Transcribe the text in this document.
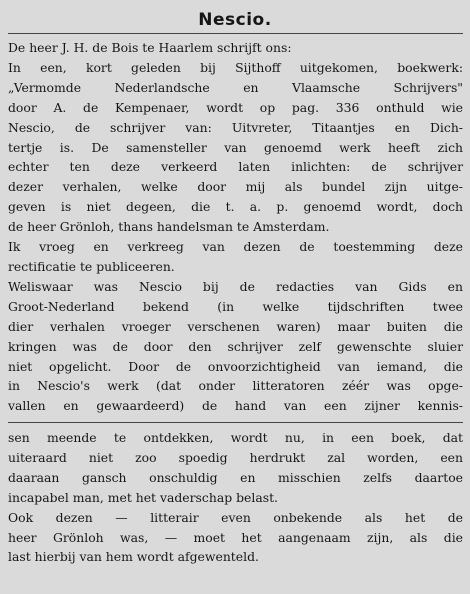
Nescio.

De heer J. H. de Bois te Haarlem schrijft ons:

In een, kort geleden bij Sijthoff uitgekomen, boekwerk:
„Vermomde Nederlandsche en Vlaamsche Schrijvers"
door A. de Kempenaer, wordt op pag. 336 onthuld wie
Nescio, de schrijver van: Uitvreter, Titaantjes en Dich-
tertje is. De samensteller van genoemd werk heeft zich
echter ten deze verkeerd laten inlichten: de schrijver
dezer verhalen, welke door mij als bundel zijn uitge-
geven is niet degeen, die t. a. p. genoemd wordt, doch
de heer Grönloh, thans handelsman te Amsterdam.
Ik vroeg en verkreeg van dezen de toestemming deze
rectificatie te publiceeren.

Weliswaar was Nescio bij de redacties van Gids en
Groot-Nederland bekend (in welke tijdschriften twee
dier verhalen vroeger verschenen waren) maar buiten die
kringen was de door den schrijver zelf gewenschte sluier
niet opgelicht. Door de onvoorzichtigheid van iemand, die
in Nescio's werk (dat onder litteratoren zéér was opge-
vallen en gewaardeerd) de hand van een zijner kennis-

sen meende te ontdekken, wordt nu, in een boek, dat
uiteraard niet zoo spoedig herdrukt zal worden, een
daaraan gansch onschuldig en misschien zelfs daartoe
incapabel man, met het vaderschap belast.

Ook dezen — litterair even onbekende als het de
heer Grönloh was, — moet het aangenaam zijn, als die
last hierbij van hem wordt afgewenteld.
